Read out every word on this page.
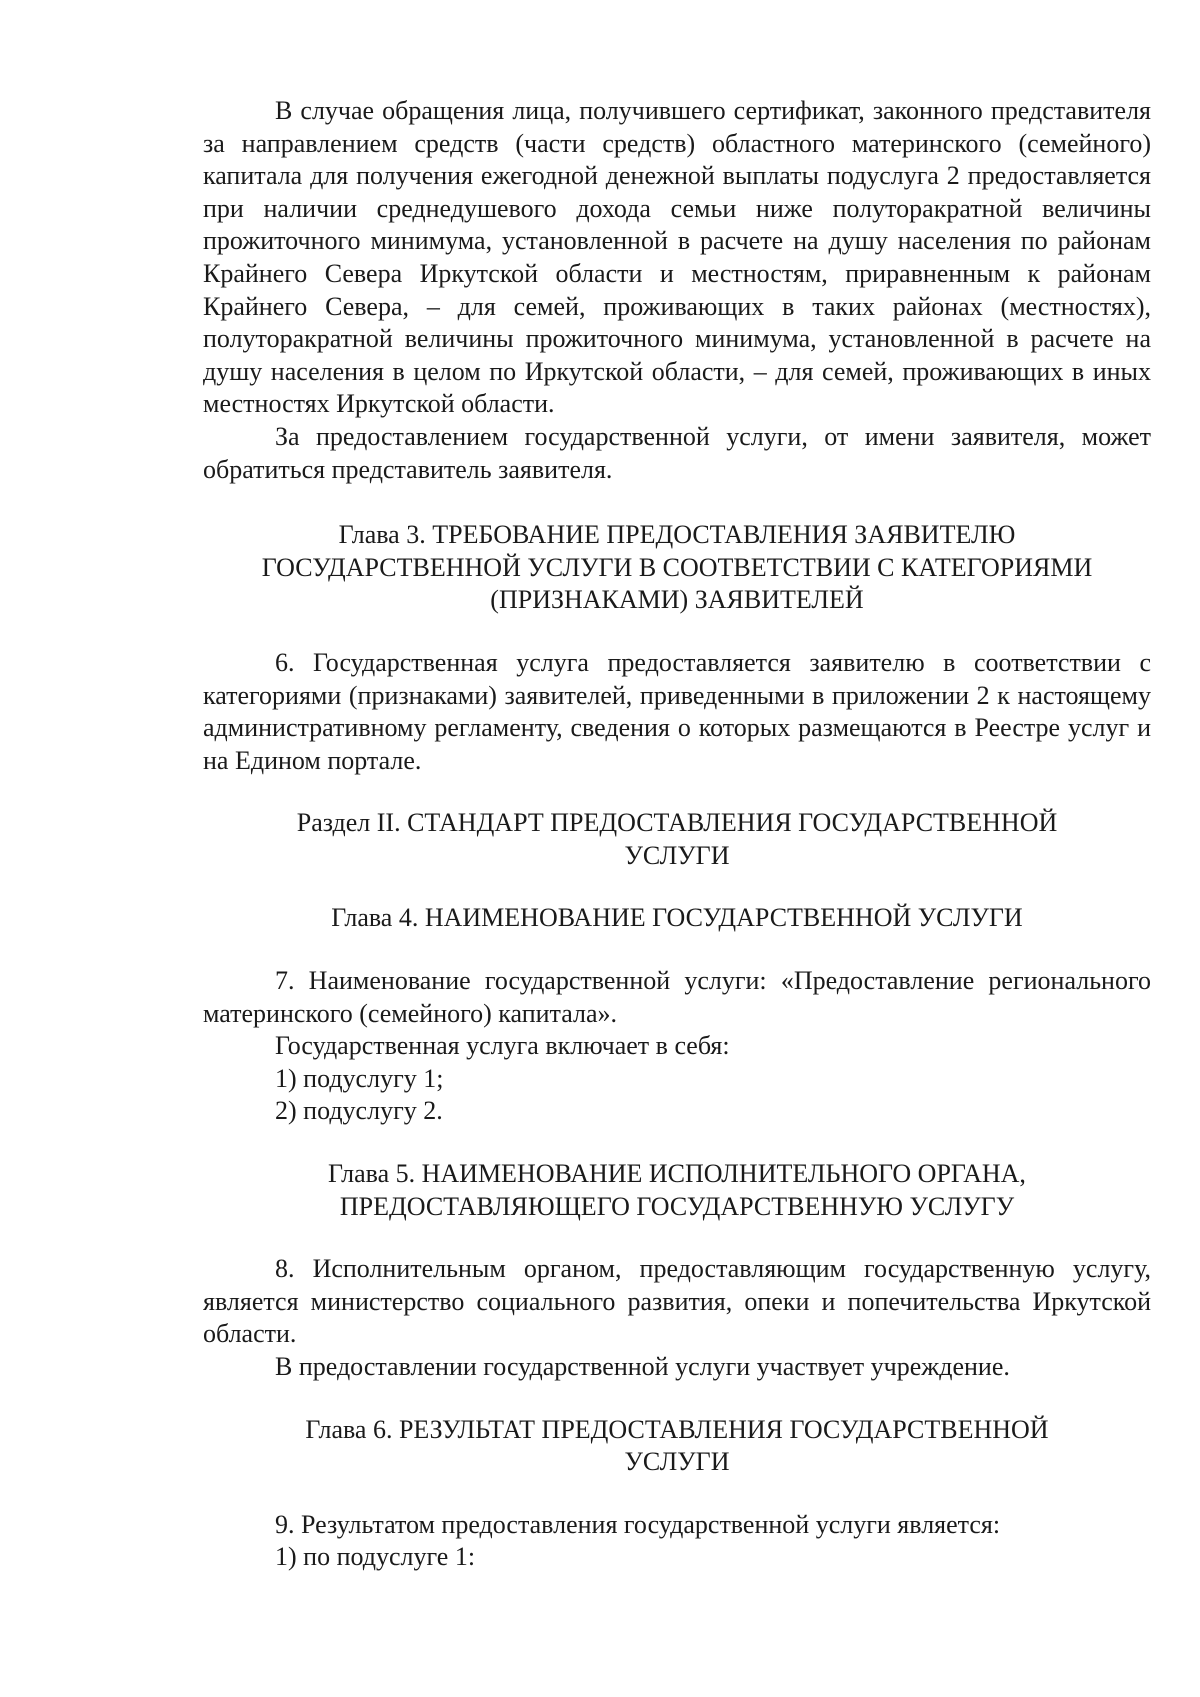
В случае обращения лица, получившего сертификат, законного представителя за направлением средств (части средств) областного материнского (семейного) капитала для получения ежегодной денежной выплаты подуслуга 2 предоставляется при наличии среднедушевого дохода семьи ниже полуторакратной величины прожиточного минимума, установленной в расчете на душу населения по районам Крайнего Севера Иркутской области и местностям, приравненным к районам Крайнего Севера, – для семей, проживающих в таких районах (местностях), полуторакратной величины прожиточного минимума, установленной в расчете на душу населения в целом по Иркутской области, – для семей, проживающих в иных местностях Иркутской области.

За предоставлением государственной услуги, от имени заявителя, может обратиться представитель заявителя.

Глава 3. ТРЕБОВАНИЕ ПРЕДОСТАВЛЕНИЯ ЗАЯВИТЕЛЮ
ГОСУДАРСТВЕННОЙ УСЛУГИ В СООТВЕТСТВИИ С КАТЕГОРИЯМИ
(ПРИЗНАКАМИ) ЗАЯВИТЕЛЕЙ

6. Государственная услуга предоставляется заявителю в соответствии с категориями (признаками) заявителей, приведенными в приложении 2 к настоящему административному регламенту, сведения о которых размещаются в Реестре услуг и на Едином портале.

Раздел II. СТАНДАРТ ПРЕДОСТАВЛЕНИЯ ГОСУДАРСТВЕННОЙ
УСЛУГИ

Глава 4. НАИМЕНОВАНИЕ ГОСУДАРСТВЕННОЙ УСЛУГИ

7. Наименование государственной услуги: «Предоставление регионального материнского (семейного) капитала».

Государственная услуга включает в себя:

1) подуслугу 1;

2) подуслугу 2.

Глава 5. НАИМЕНОВАНИЕ ИСПОЛНИТЕЛЬНОГО ОРГАНА,
ПРЕДОСТАВЛЯЮЩЕГО ГОСУДАРСТВЕННУЮ УСЛУГУ

8. Исполнительным органом, предоставляющим государственную услугу, является министерство социального развития, опеки и попечительства Иркутской области.

В предоставлении государственной услуги участвует учреждение.

Глава 6. РЕЗУЛЬТАТ ПРЕДОСТАВЛЕНИЯ ГОСУДАРСТВЕННОЙ
УСЛУГИ

9. Результатом предоставления государственной услуги является:

1) по подуслуге 1:
